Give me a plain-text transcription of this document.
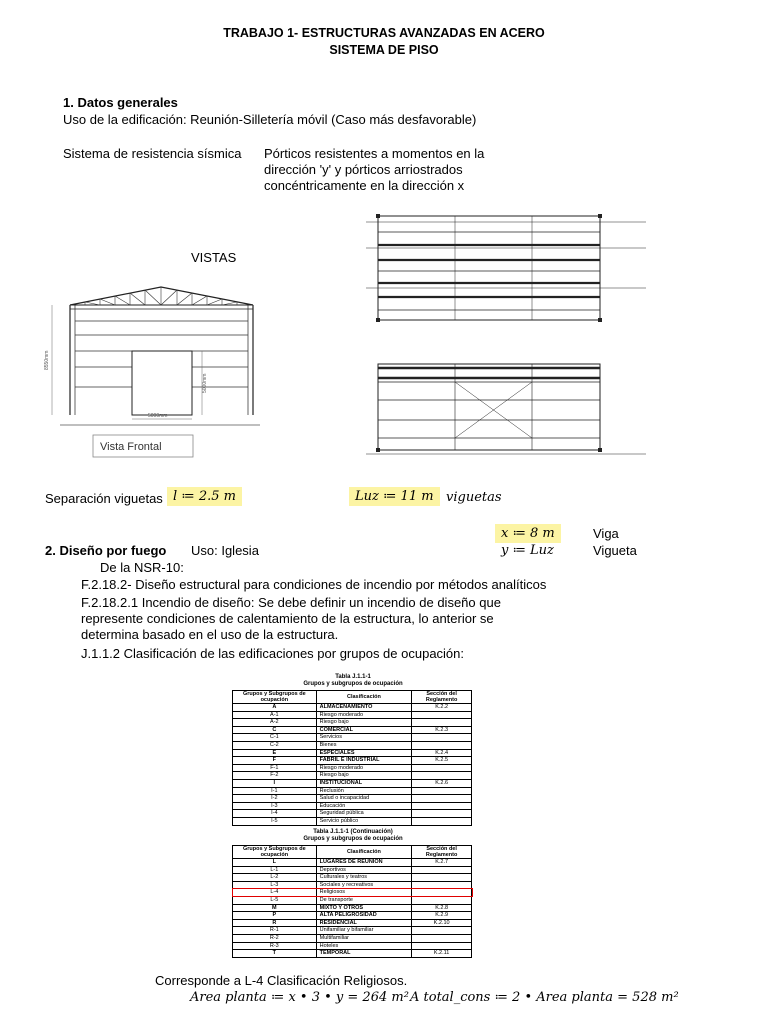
TRABAJO 1- ESTRUCTURAS AVANZADAS EN ACERO
SISTEMA DE PISO
1. Datos generales
Uso de la edificación: Reunión-Silletería móvil (Caso más desfavorable)
Sistema de resistencia sísmica Pórticos resistentes a momentos en la
dirección 'y' y pórticos arriostrados
concéntricamente en la dirección x
VISTAS
8550mm
5000mm
5000mm
Vista Frontal
Separación viguetas l ≔ 2.5 m	Luz ≔ 11 m viguetas
x ≔ 8 m	Viga
y ≔ Luz	Vigueta
2. Diseño por fuego Uso: Iglesia
De la NSR-10:
F.2.18.2- Diseño estructural para condiciones de incendio por métodos analíticos
F.2.18.2.1 Incendio de diseño: Se debe definir un incendio de diseño que
represente condiciones de calentamiento de la estructura, lo anterior se
determina basado en el uso de la estructura.
J.1.1.2 Clasificación de las edificaciones por grupos de ocupación:
Tabla J.1.1-1
Grupos y subgrupos de ocupación
Grupos y Subgrupos de ocupación	Clasificación	Sección del Reglamento
A	ALMACENAMIENTO	K.2.2
A-1	Riesgo moderado	
A-2	Riesgo bajo	
C	COMERCIAL	K.2.3
C-1	Servicios	
C-2	Bienes	
E	ESPECIALES	K.2.4
F	FABRIL E INDUSTRIAL	K.2.5
F-1	Riesgo moderado	
F-2	Riesgo bajo	
I	INSTITUCIONAL	K.2.6
I-1	Reclusión	
I-2	Salud o incapacidad	
I-3	Educación	
I-4	Seguridad pública	
I-5	Servicio público	
Tabla J.1.1-1 (Continuación)
Grupos y subgrupos de ocupación
Grupos y Subgrupos de ocupación	Clasificación	Sección del Reglamento
L	LUGARES DE REUNIÓN	K.2.7
L-1	Deportivos	
L-2	Culturales y teatros	
L-3	Sociales y recreativos	
L-4	Religiosos	
L-5	De transporte	
M	MIXTO Y OTROS	K.2.8
P	ALTA PELIGROSIDAD	K.2.9
R	RESIDENCIAL	K.2.10
R-1	Unifamiliar y bifamiliar	
R-2	Multifamiliar	
R-3	Hoteles	
T	TEMPORAL	K.2.11
Corresponde a L-4 Clasificación Religiosos.
Area planta ≔ x • 3 • y = 264 m² A total_cons ≔ 2 • Area planta = 528 m²
